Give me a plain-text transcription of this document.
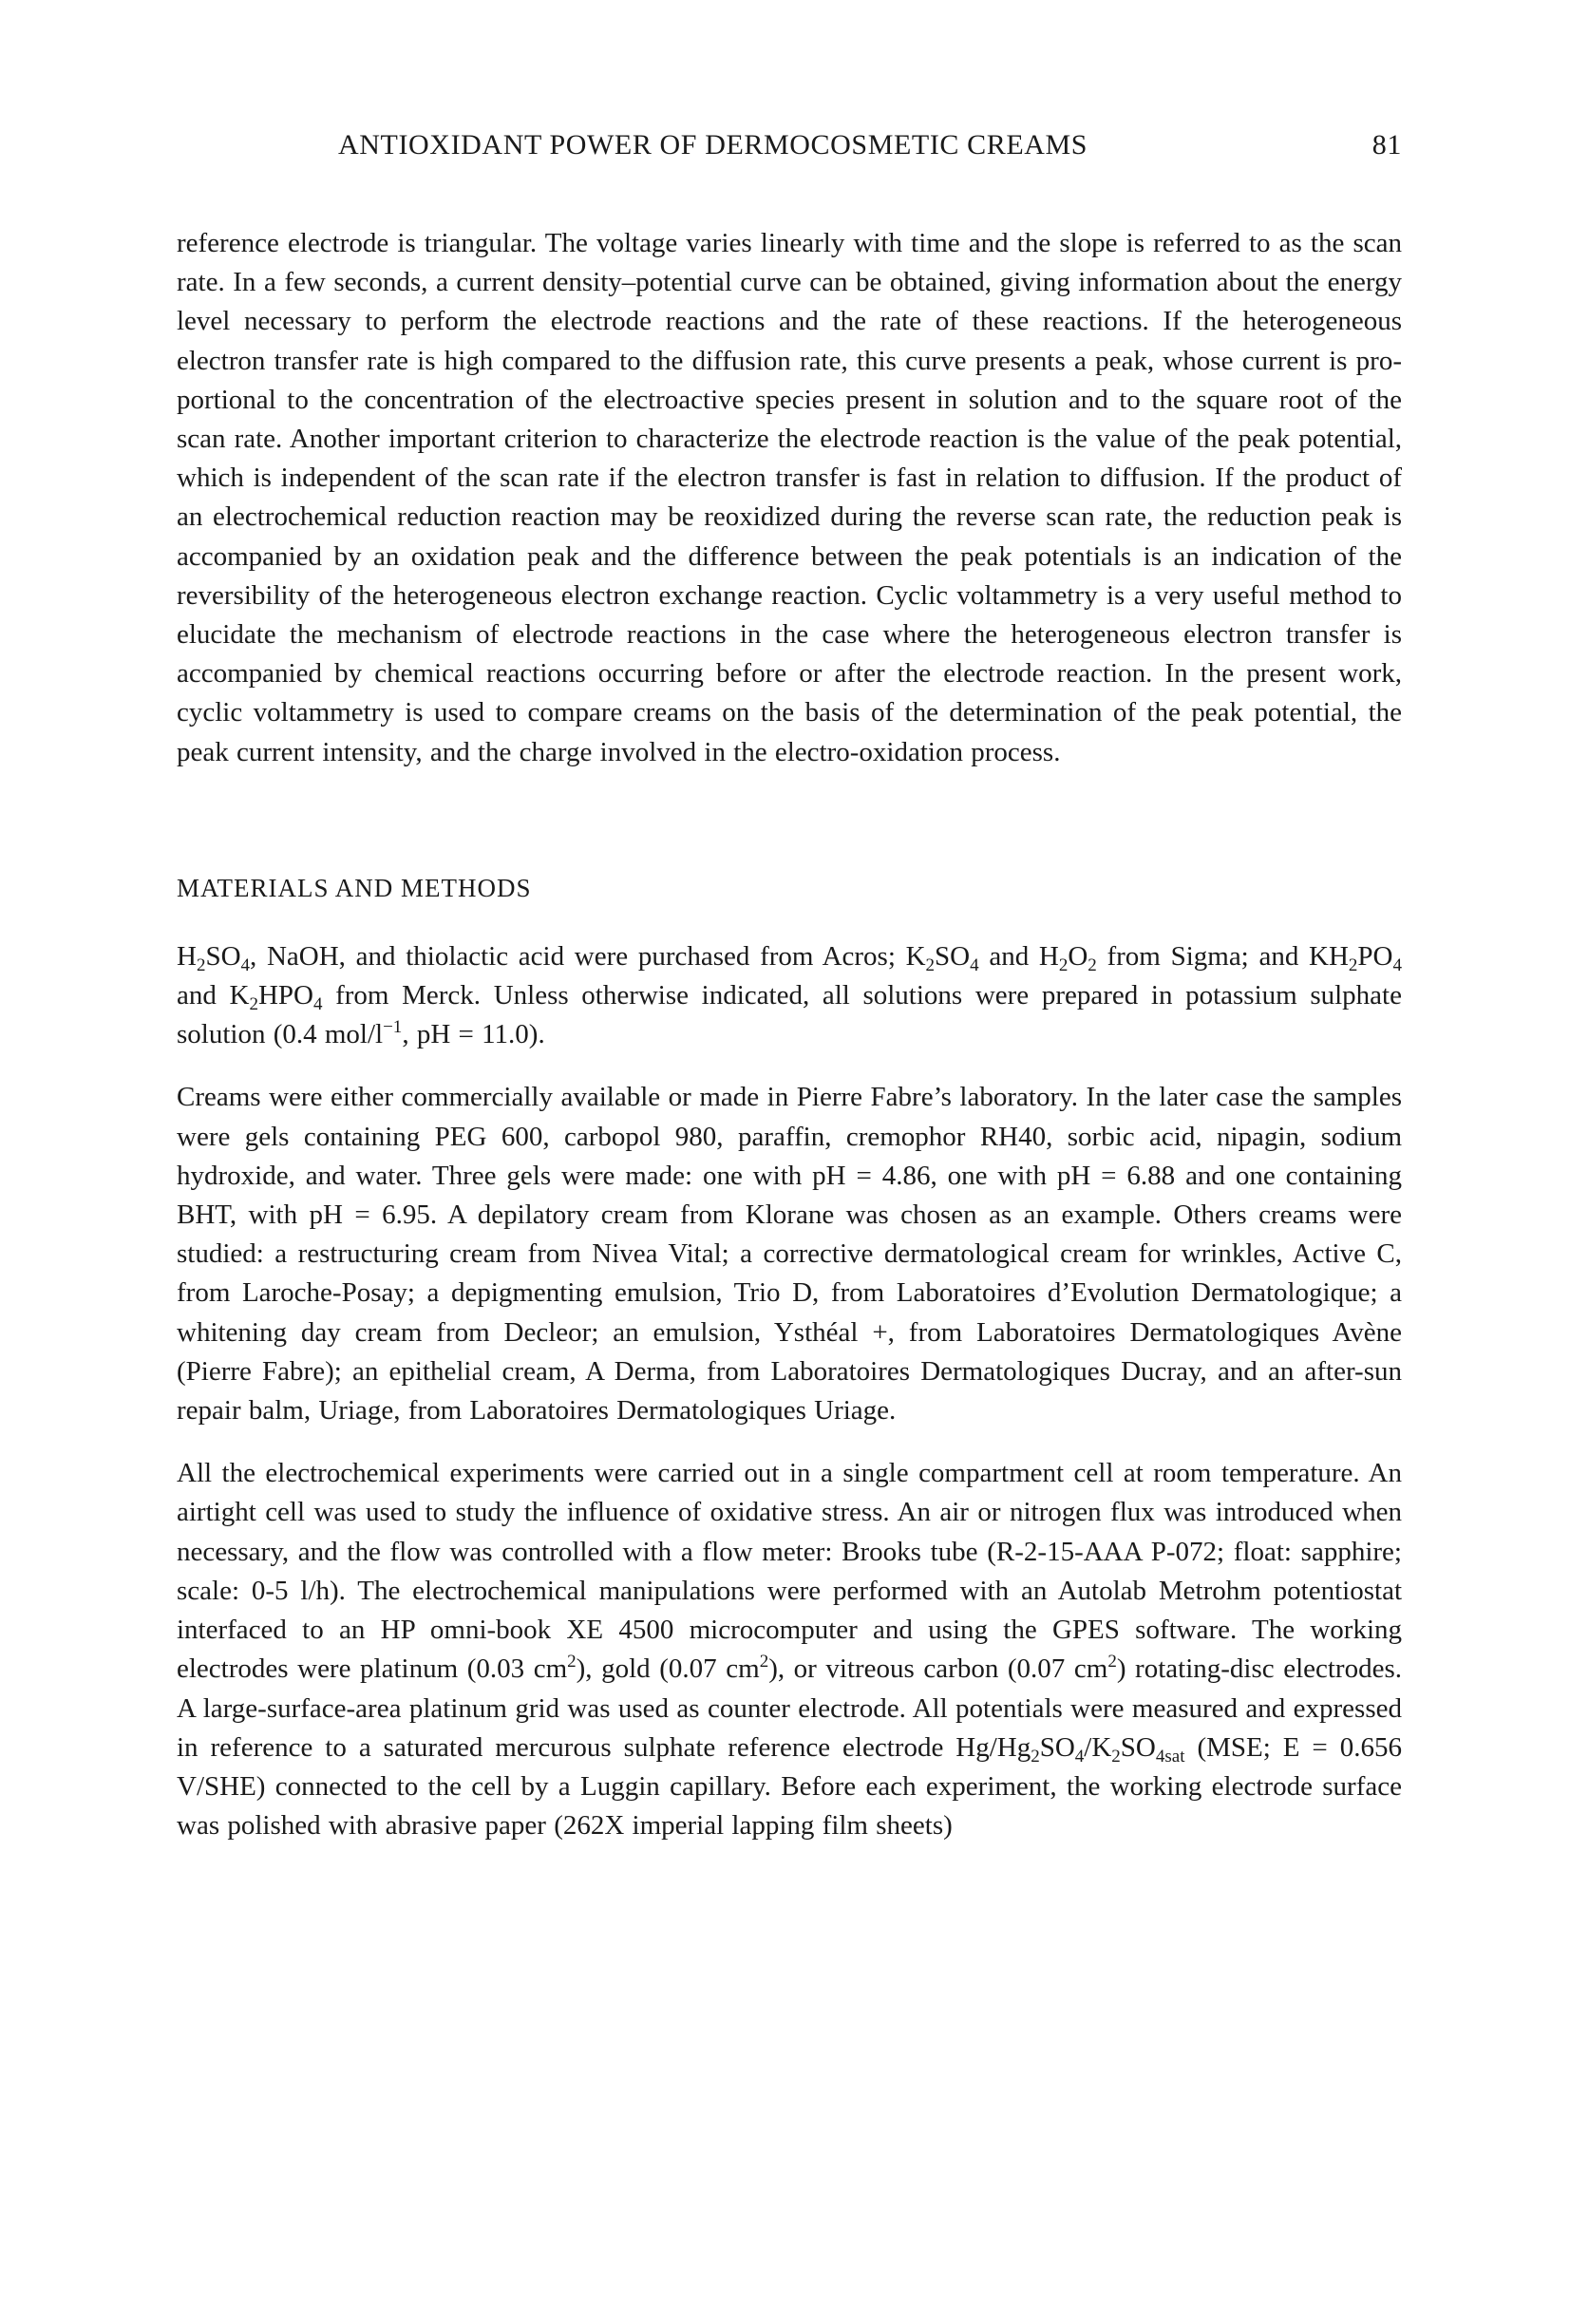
ANTIOXIDANT POWER OF DERMOCOSMETIC CREAMS	81

reference electrode is triangular. The voltage varies linearly with time and the slope is referred to as the scan rate. In a few seconds, a current density–potential curve can be obtained, giving information about the energy level necessary to perform the electrode reactions and the rate of these reactions. If the heterogeneous electron transfer rate is high compared to the diffusion rate, this curve presents a peak, whose current is proportional to the concentration of the electroactive species present in solution and to the square root of the scan rate. Another important criterion to characterize the electrode reaction is the value of the peak potential, which is independent of the scan rate if the electron transfer is fast in relation to diffusion. If the product of an electrochemical reduction reaction may be reoxidized during the reverse scan rate, the reduction peak is accompanied by an oxidation peak and the difference between the peak potentials is an indication of the reversibility of the heterogeneous electron exchange reaction. Cyclic voltammetry is a very useful method to elucidate the mechanism of electrode reactions in the case where the heterogeneous electron transfer is accompanied by chemical reactions occurring before or after the electrode reaction. In the present work, cyclic voltammetry is used to compare creams on the basis of the determination of the peak potential, the peak current intensity, and the charge involved in the electro-oxidation process.

MATERIALS AND METHODS

$H_2SO_4$, NaOH, and thiolactic acid were purchased from Acros; $K_2SO_4$ and $H_2O_2$ from Sigma; and $KH_2PO_4$ and $K_2HPO_4$ from Merck. Unless otherwise indicated, all solutions were prepared in potassium sulphate solution (0.4 mol/$l^{-1}$, pH = 11.0).

Creams were either commercially available or made in Pierre Fabre’s laboratory. In the later case the samples were gels containing PEG 600, carbopol 980, paraffin, cremophor RH40, sorbic acid, nipagin, sodium hydroxide, and water. Three gels were made: one with pH = 4.86, one with pH = 6.88 and one containing BHT, with pH = 6.95. A depilatory cream from Klorane was chosen as an example. Others creams were studied: a restructuring cream from Nivea Vital; a corrective dermatological cream for wrinkles, Active C, from Laroche-Posay; a depigmenting emulsion, Trio D, from Laboratoires d’Evolution Dermatologique; a whitening day cream from Decleor; an emulsion, Ysthéal +, from Laboratoires Dermatologiques Avène (Pierre Fabre); an epithelial cream, A Derma, from Laboratoires Dermatologiques Ducray, and an after-sun repair balm, Uriage, from Laboratoires Dermatologiques Uriage.

All the electrochemical experiments were carried out in a single compartment cell at room temperature. An airtight cell was used to study the influence of oxidative stress. An air or nitrogen flux was introduced when necessary, and the flow was controlled with a flow meter: Brooks tube (R-2-15-AAA P-072; float: sapphire; scale: 0-5 l/h). The electrochemical manipulations were performed with an Autolab Metrohm potentiostat interfaced to an HP omni-book XE 4500 microcomputer and using the GPES software. The working electrodes were platinum (0.03 $cm^2$), gold (0.07 $cm^2$), or vitreous carbon (0.07 $cm^2$) rotating-disc electrodes. A large-surface-area platinum grid was used as counter electrode. All potentials were measured and expressed in reference to a saturated mercurous sulphate reference electrode $Hg/Hg_2SO_4/K_2SO_{4sat}$ (MSE; E = 0.656 V/SHE) connected to the cell by a Luggin capillary. Before each experiment, the working electrode surface was polished with abrasive paper (262X imperial lapping film sheets)
